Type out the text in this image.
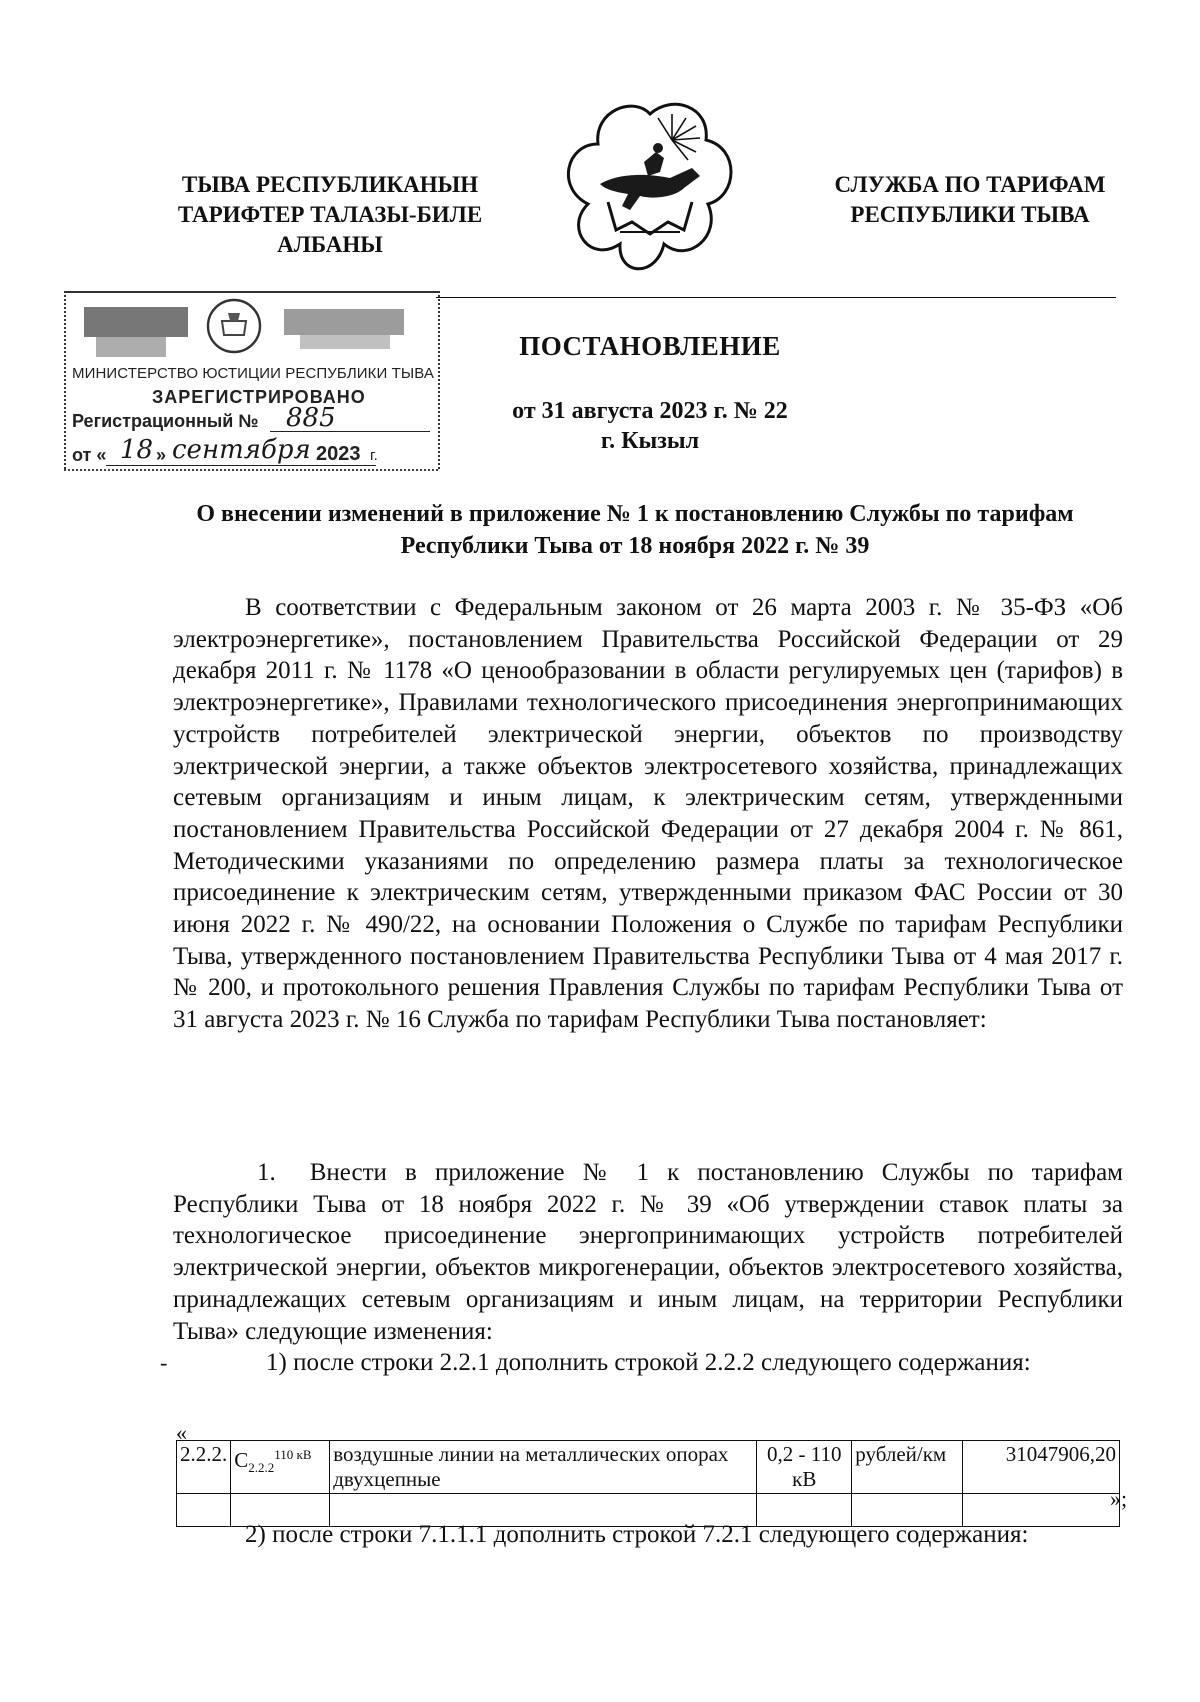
ТЫВА РЕСПУБЛИКАНЫН
ТАРИФТЕР ТАЛАЗЫ-БИЛЕ
АЛБАНЫ
СЛУЖБА ПО ТАРИФАМ
РЕСПУБЛИКИ ТЫВА
МИНИСТЕРСТВО ЮСТИЦИИ РЕСПУБЛИКИ ТЫВА
ЗАРЕГИСТРИРОВАНО
Регистрационный № 885
от « 18 » сентября 2023 г.
ПОСТАНОВЛЕНИЕ
от 31 августа 2023 г. № 22
г. Кызыл
О внесении изменений в приложение № 1 к постановлению Службы по тарифам Республики Тыва от 18 ноября 2022 г. № 39
В соответствии с Федеральным законом от 26 марта 2003 г. № 35-ФЗ «Об электроэнергетике», постановлением Правительства Российской Федерации от 29 декабря 2011 г. № 1178 «О ценообразовании в области регулируемых цен (тарифов) в электроэнергетике», Правилами технологического присоединения энергопринимающих устройств потребителей электрической энергии, объектов по производству электрической энергии, а также объектов электросетевого хозяйства, принадлежащих сетевым организациям и иным лицам, к электрическим сетям, утвержденными постановлением Правительства Российской Федерации от 27 декабря 2004 г. № 861, Методическими указаниями по определению размера платы за технологическое присоединение к электрическим сетям, утвержденными приказом ФАС России от 30 июня 2022 г. № 490/22, на основании Положения о Службе по тарифам Республики Тыва, утвержденного постановлением Правительства Республики Тыва от 4 мая 2017 г. № 200, и протокольного решения Правления Службы по тарифам Республики Тыва от 31 августа 2023 г. № 16 Служба по тарифам Республики Тыва постановляет:
1. Внести в приложение № 1 к постановлению Службы по тарифам Республики Тыва от 18 ноября 2022 г. № 39 «Об утверждении ставок платы за технологическое присоединение энергопринимающих устройств потребителей электрической энергии, объектов микрогенерации, объектов электросетевого хозяйства, принадлежащих сетевым организациям и иным лицам, на территории Республики Тыва» следующие изменения:
-	1) после строки 2.2.1 дополнить строкой 2.2.2 следующего содержания:
«
2.2.2.	$C_{2.2.2}^{110 кВ}$	воздушные линии на металлических опорах двухцепные	0,2 - 110 кВ	рублей/км	31047906,20

»;
2) после строки 7.1.1.1 дополнить строкой 7.2.1 следующего содержания:
